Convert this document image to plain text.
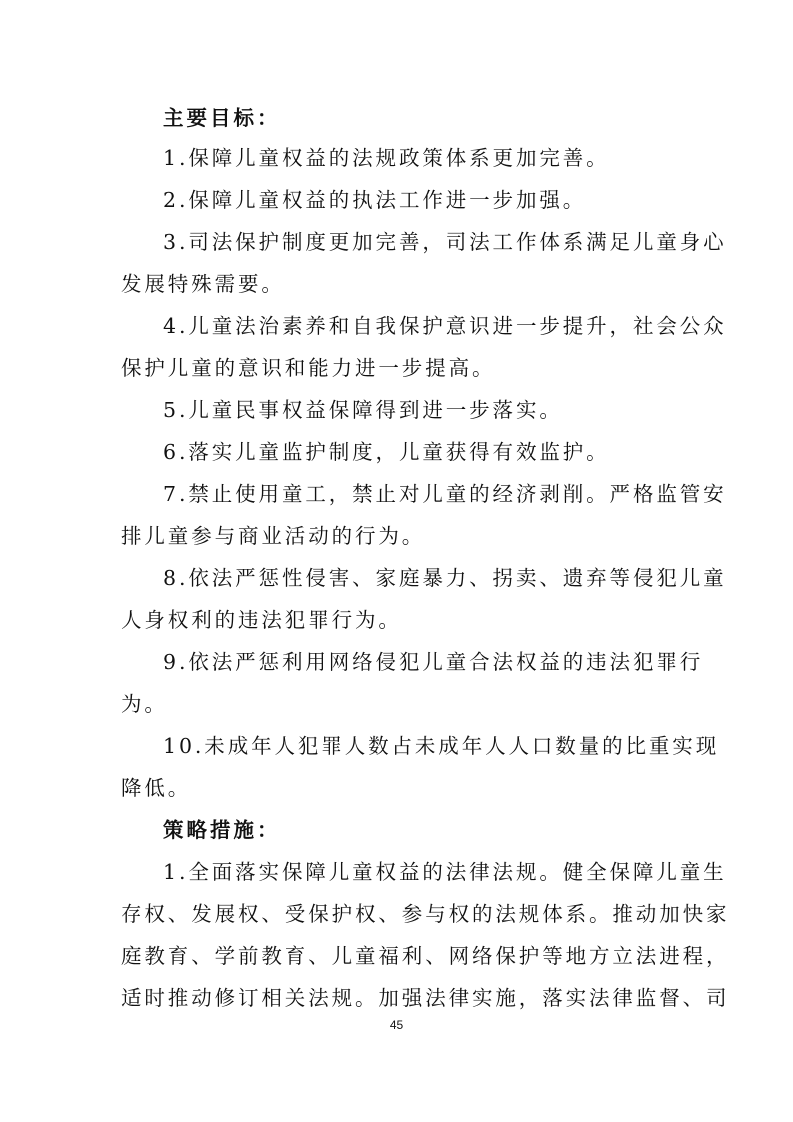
主要目标：
1.保障儿童权益的法规政策体系更加完善。
2.保障儿童权益的执法工作进一步加强。
3.司法保护制度更加完善，司法工作体系满足儿童身心
发展特殊需要。
4.儿童法治素养和自我保护意识进一步提升，社会公众
保护儿童的意识和能力进一步提高。
5.儿童民事权益保障得到进一步落实。
6.落实儿童监护制度，儿童获得有效监护。
7.禁止使用童工，禁止对儿童的经济剥削。严格监管安
排儿童参与商业活动的行为。
8.依法严惩性侵害、家庭暴力、拐卖、遗弃等侵犯儿童
人身权利的违法犯罪行为。
9.依法严惩利用网络侵犯儿童合法权益的违法犯罪行
为。
10.未成年人犯罪人数占未成年人人口数量的比重实现
降低。
策略措施：
1.全面落实保障儿童权益的法律法规。健全保障儿童生
存权、发展权、受保护权、参与权的法规体系。推动加快家
庭教育、学前教育、儿童福利、网络保护等地方立法进程，
适时推动修订相关法规。加强法律实施，落实法律监督、司
45
